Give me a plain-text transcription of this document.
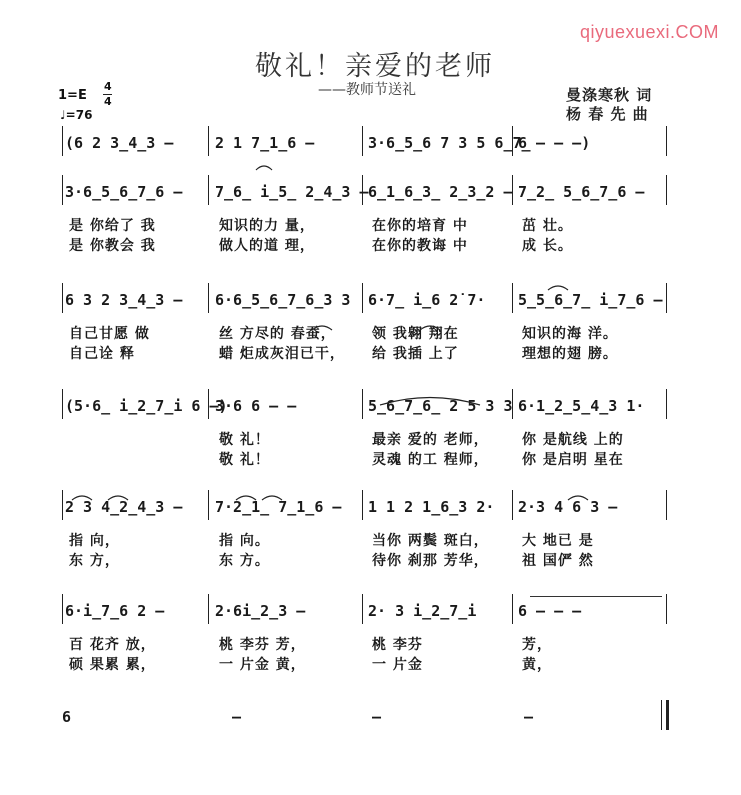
qiyuexuexi.COM
敬礼！亲爱的老师
——教师节送礼	曼涤寒秋 词
杨 春 先 曲
1=E
4
4
♩=76
(6 2 3̲4̲3 –	2 1 7̲1̲6 –	3·6̲5̲6 7 3 5 6̲7̲
6 – – –)
3·6̲5̲6̲7̲6 – 7̲6̲ i̲5̲ 2̲4̲3 – 6̲1̲6̲3̲ 2̲3̲2 – 7̲2̲ 5̲6̲7̲6 –
是 你给了 我	知识的力 量，	在你的培育 中	茁 壮。
是 你教会 我	做人的道 理，	在你的教诲 中	成 长。
6 3 2 3̲4̲3 – 6·6̲5̲6̲7̲6̲3 3 6·7̲ i̲6 2̇ 7· 5̲5̲6̲7̲ i̲7̲6 –
自己甘愿 做	丝 方尽的 春蚕，	领 我翱 翔在	知识的海 洋。
自己诠 释	蜡 炬成灰泪已干， 给 我插 上了	理想的翅 膀。
(5·6̲ i̲2̲7̲i 6 –)
3·6 6 – –	5̲6̲7̲6̲ 2 5 3 3 6·1̲2̲5̲4̲3 1·
敬 礼！	最亲 爱的 老师， 你 是航线 上的
敬 礼！	灵魂 的工 程师， 你 是启明 星在
2 3 4̲2̲4̲3 – 7·2̲1̲ 7̲1̲6 – 1 1 2 1̲6̲3 2· 2·3 4 6 3 –
指 向，	指 向。	当你 两鬓 斑白， 大 地已 是
东 方，	东 方。	待你 刹那 芳华， 祖 国俨 然
6·i̲7̲6 2 –	2·6i̲2̲3 –	2· 3 i̲2̲7̲i	6 – – –
百 花齐 放，	桃 李芬 芳，	桃 李芬	芳，
硕 果累 累，	一 片金 黄，	一 片金	黄，
6	–	–	–
